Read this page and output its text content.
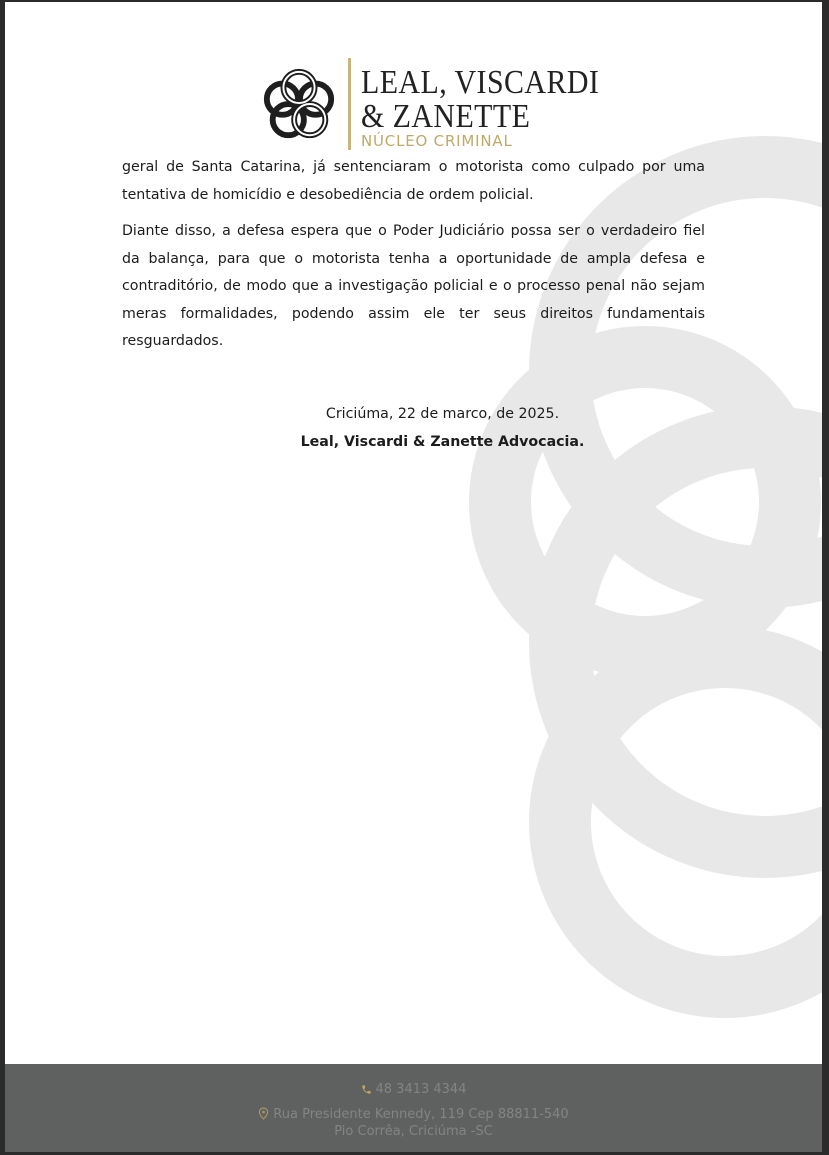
LEAL, VISCARDI
& ZANETTE
NÚCLEO CRIMINAL

geral de Santa Catarina, já sentenciaram o motorista como culpado por uma tentativa de homicídio e desobediência de ordem policial.

Diante disso, a defesa espera que o Poder Judiciário possa ser o verdadeiro fiel da balança, para que o motorista tenha a oportunidade de ampla defesa e contraditório, de modo que a investigação policial e o processo penal não sejam meras formalidades, podendo assim ele ter seus direitos fundamentais resguardados.

Criciúma, 22 de marco, de 2025.

Leal, Viscardi & Zanette Advocacia.

48 3413 4344
Rua Presidente Kennedy, 119 Cep 88811-540
Pio Corrêa, Criciúma -SC
